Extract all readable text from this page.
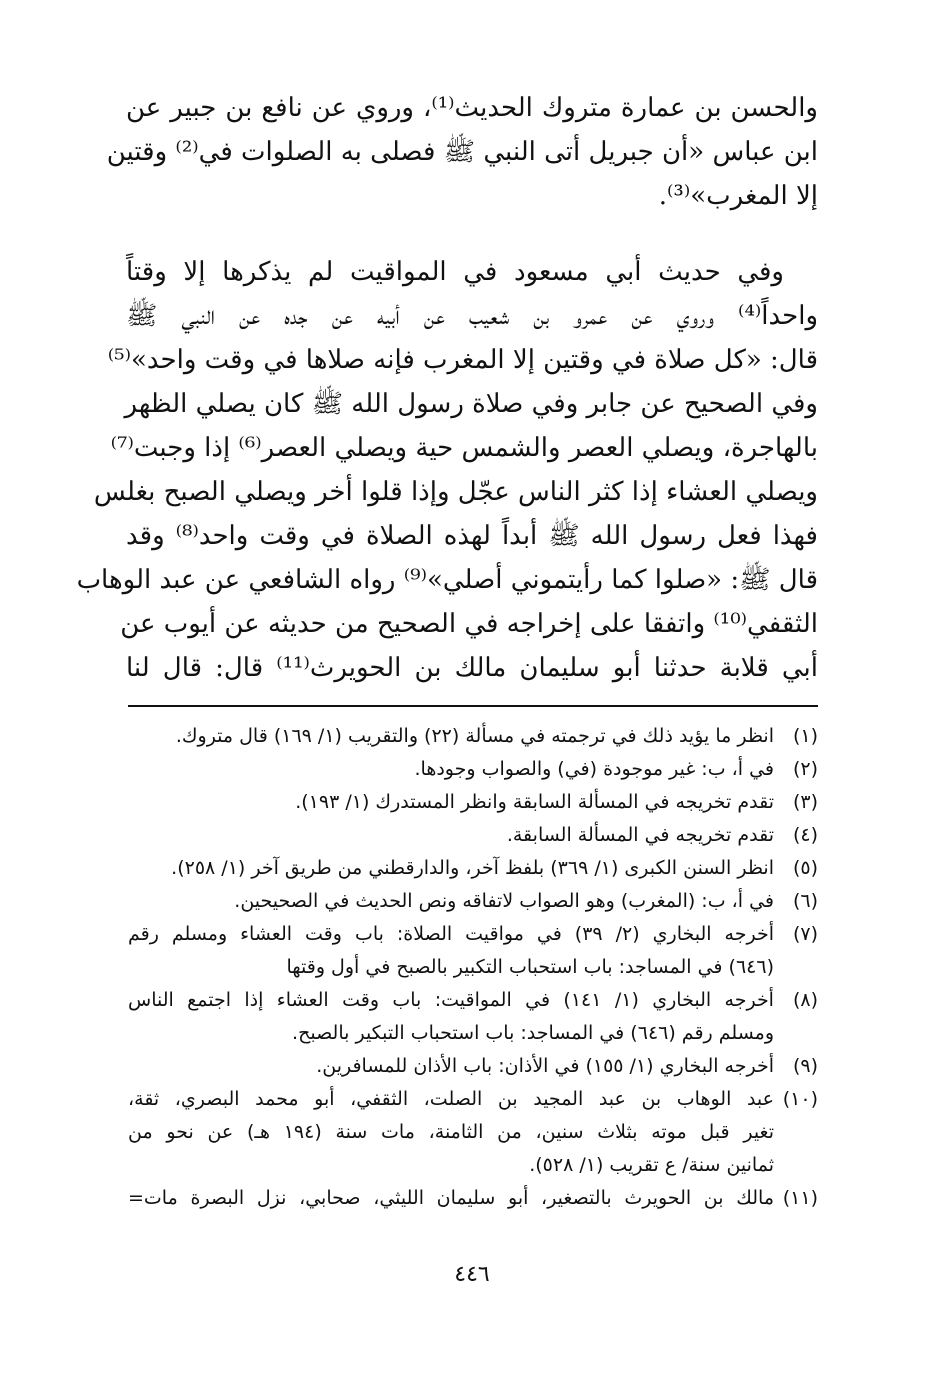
والحسن بن عمارة متروك الحديث⁽¹⁾، وروي عن نافع بن جبير عن
ابن عباس «أن جبريل أتى النبي ﷺ فصلى به الصلوات في⁽²⁾ وقتين
إلا المغرب»⁽³⁾.
وفي حديث أبي مسعود في المواقيت لم يذكرها إلا وقتاً
واحداً⁽⁴⁾ وروي عن عمرو بن شعيب عن أبيه عن جده عن النبي ﷺ
قال: «كل صلاة في وقتين إلا المغرب فإنه صلاها في وقت واحد»⁽⁵⁾
وفي الصحيح عن جابر وفي صلاة رسول الله ﷺ كان يصلي الظهر
بالهاجرة، ويصلي العصر والشمس حية ويصلي العصر⁽⁶⁾ إذا وجبت⁽⁷⁾
ويصلي العشاء إذا كثر الناس عجّل وإذا قلوا أخر ويصلي الصبح بغلس
فهذا فعل رسول الله ﷺ أبداً لهذه الصلاة في وقت واحد⁽⁸⁾ وقد
قال ﷺ: «صلوا كما رأيتموني أصلي»⁽⁹⁾ رواه الشافعي عن عبد الوهاب
الثقفي⁽¹⁰⁾ واتفقا على إخراجه في الصحيح من حديثه عن أيوب عن
أبي قلابة حدثنا أبو سليمان مالك بن الحويرث⁽¹¹⁾ قال: قال لنا
(١)
انظر ما يؤيد ذلك في ترجمته في مسألة (٢٢) والتقريب (١/ ١٦٩) قال متروك.
(٢)
في أ، ب: غير موجودة (في) والصواب وجودها.
(٣)
تقدم تخريجه في المسألة السابقة وانظر المستدرك (١/ ١٩٣).
(٤)
تقدم تخريجه في المسألة السابقة.
(٥)
انظر السنن الكبرى (١/ ٣٦٩) بلفظ آخر، والدارقطني من طريق آخر (١/ ٢٥٨).
(٦)
في أ، ب: (المغرب) وهو الصواب لاتفاقه ونص الحديث في الصحيحين.
(٧)
أخرجه البخاري (٢/ ٣٩) في مواقيت الصلاة: باب وقت العشاء ومسلم رقم
(٦٤٦) في المساجد: باب استحباب التكبير بالصبح في أول وقتها
(٨)
أخرجه البخاري (١/ ١٤١) في المواقيت: باب وقت العشاء إذا اجتمع الناس
ومسلم رقم (٦٤٦) في المساجد: باب استحباب التبكير بالصبح.
(٩)
أخرجه البخاري (١/ ١٥٥) في الأذان: باب الأذان للمسافرين.
(١٠)
عبد الوهاب بن عبد المجيد بن الصلت، الثقفي، أبو محمد البصري، ثقة،
تغير قبل موته بثلاث سنين، من الثامنة، مات سنة (١٩٤ هـ) عن نحو من
ثمانين سنة/ ع تقريب (١/ ٥٢٨).
(١١)
مالك بن الحويرث بالتصغير، أبو سليمان الليثي، صحابي، نزل البصرة مات=
٤٤٦
